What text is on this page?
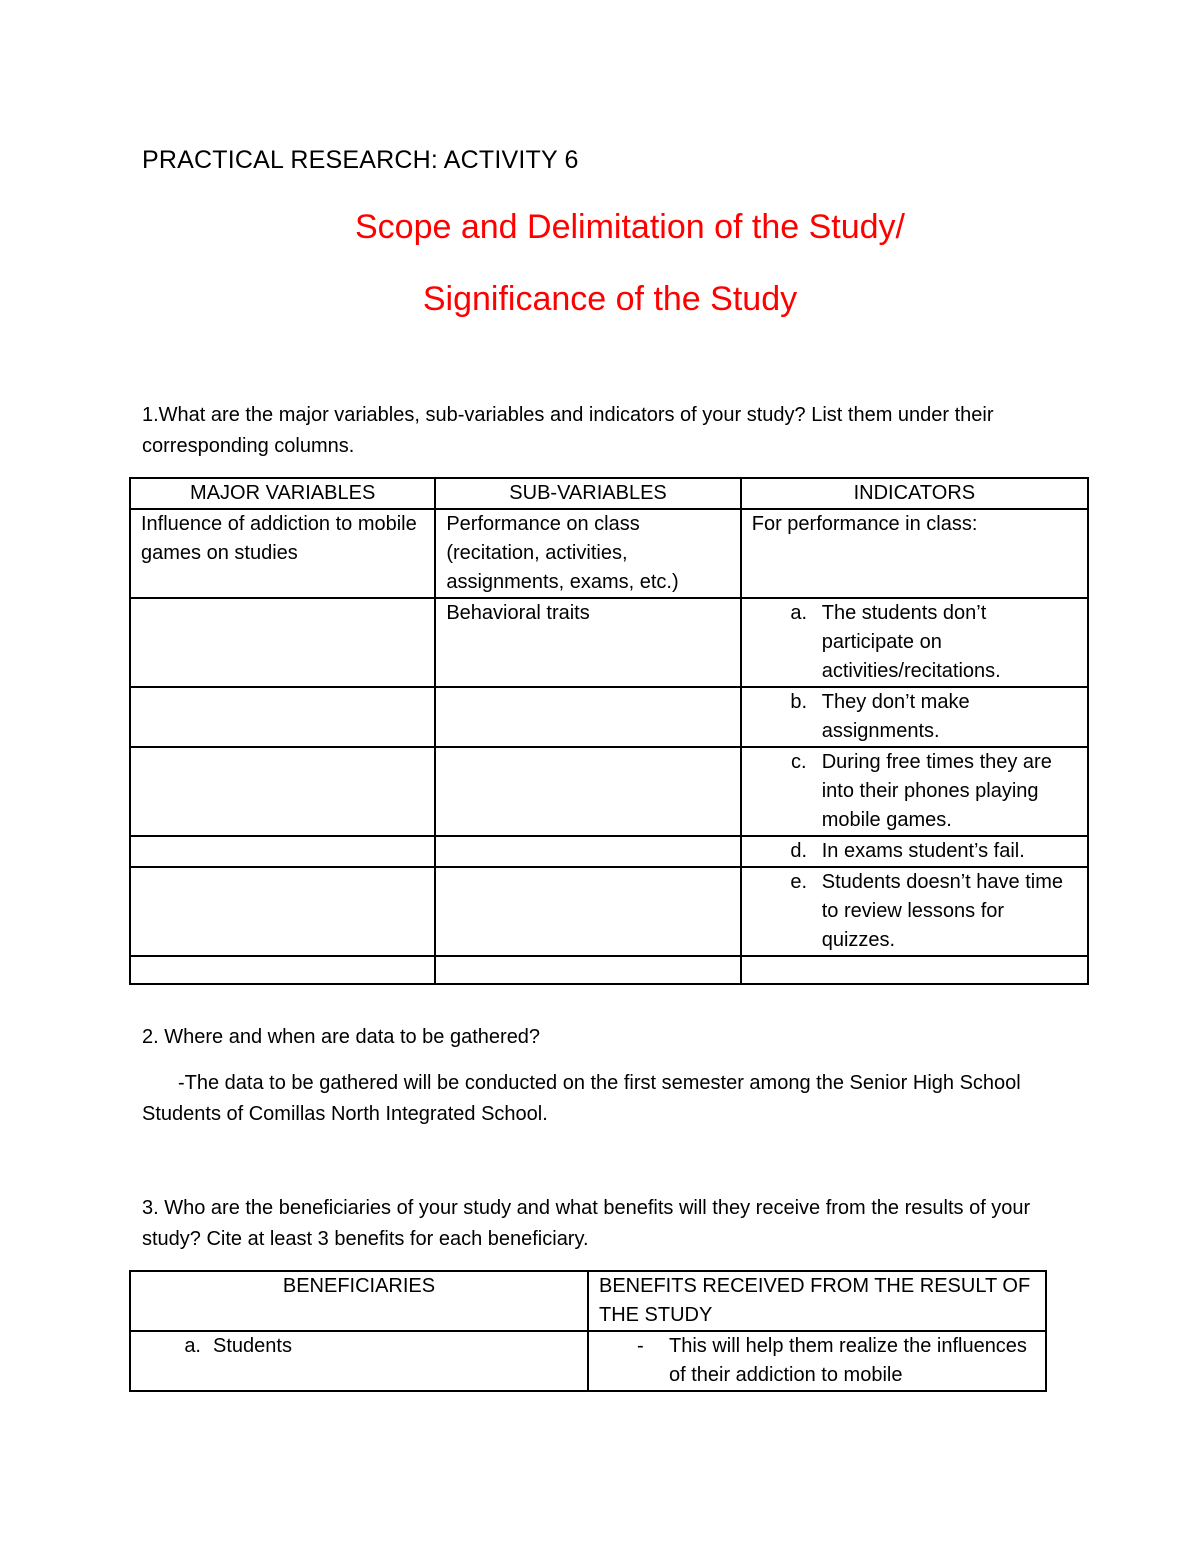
PRACTICAL RESEARCH: ACTIVITY 6
Scope and Delimitation of the Study/
Significance of the Study
1.What are the major variables, sub-variables and indicators of your study? List them under their corresponding columns.
MAJOR VARIABLES	SUB-VARIABLES	INDICATORS
Influence of addiction to mobile games on studies	Performance on class (recitation, activities, assignments, exams, etc.)	For performance in class:
	Behavioral traits	a. The students don’t participate on activities/recitations.

		b. They don’t make assignments.

		c. During free times they are into their phones playing mobile games.

		d. In exams student’s fail.

		e. Students doesn’t have time to review lessons for quizzes.

2. Where and when are data to be gathered?
-The data to be gathered will be conducted on the first semester among the Senior High School Students of Comillas North Integrated School.
3. Who are the beneficiaries of your study and what benefits will they receive from the results of your study? Cite at least 3 benefits for each beneficiary.
BENEFICIARIES	BENEFITS RECEIVED FROM THE RESULT OF THE STUDY

a. Students	- This will help them realize the influences of their addiction to mobile
